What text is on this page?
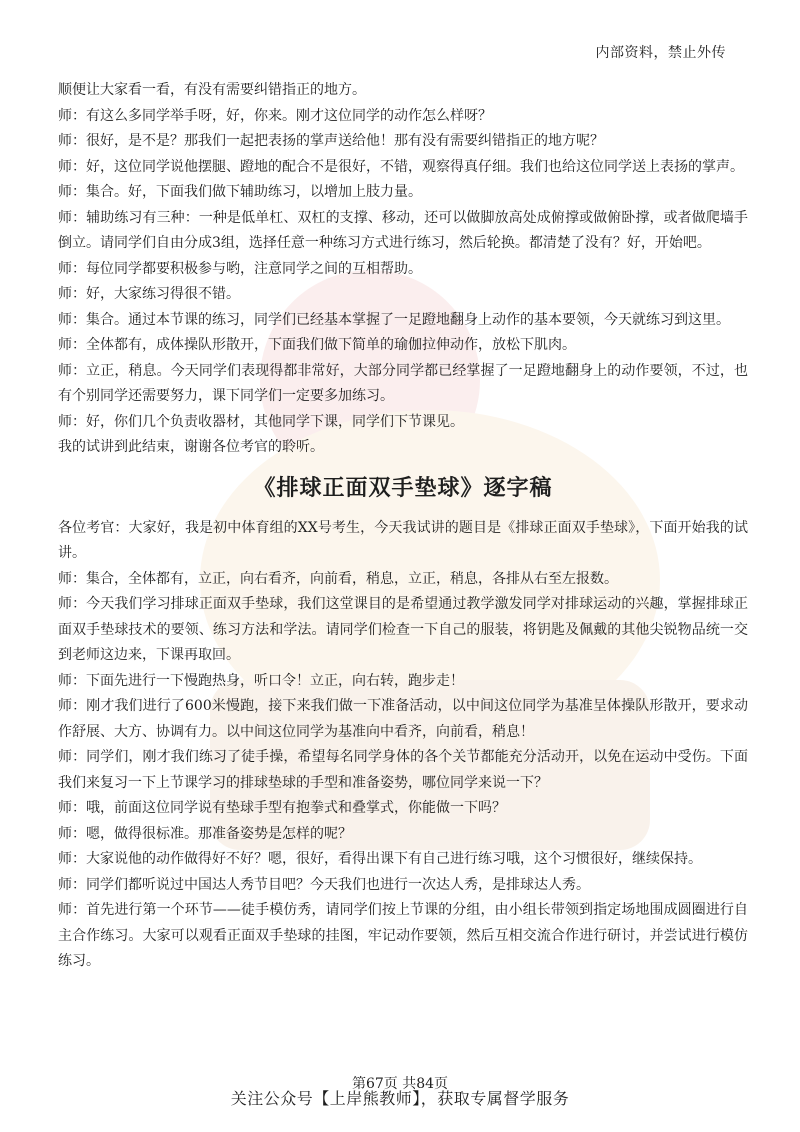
内部资料，禁止外传

顺便让大家看一看，有没有需要纠错指正的地方。

师：有这么多同学举手呀，好，你来。刚才这位同学的动作怎么样呀？

师：很好，是不是？那我们一起把表扬的掌声送给他！那有没有需要纠错指正的地方呢？

师：好，这位同学说他摆腿、蹬地的配合不是很好，不错，观察得真仔细。我们也给这位同学送上表扬的掌声。

师：集合。好，下面我们做下辅助练习，以增加上肢力量。

师：辅助练习有三种：一种是低单杠、双杠的支撑、移动，还可以做脚放高处成俯撑或做俯卧撑，或者做爬墙手倒立。请同学们自由分成3组，选择任意一种练习方式进行练习，然后轮换。都清楚了没有？好，开始吧。

师：每位同学都要积极参与哟，注意同学之间的互相帮助。

师：好，大家练习得很不错。

师：集合。通过本节课的练习，同学们已经基本掌握了一足蹬地翻身上动作的基本要领，今天就练习到这里。

师：全体都有，成体操队形散开，下面我们做下简单的瑜伽拉伸动作，放松下肌肉。

师：立正，稍息。今天同学们表现得都非常好，大部分同学都已经掌握了一足蹬地翻身上的动作要领，不过，也有个别同学还需要努力，课下同学们一定要多加练习。

师：好，你们几个负责收器材，其他同学下课，同学们下节课见。

我的试讲到此结束，谢谢各位考官的聆听。

《排球正面双手垫球》逐字稿

各位考官：大家好，我是初中体育组的XX号考生，今天我试讲的题目是《排球正面双手垫球》，下面开始我的试讲。

师：集合，全体都有，立正，向右看齐，向前看，稍息，立正，稍息，各排从右至左报数。

师：今天我们学习排球正面双手垫球，我们这堂课目的是希望通过教学激发同学对排球运动的兴趣，掌握排球正面双手垫球技术的要领、练习方法和学法。请同学们检查一下自己的服装，将钥匙及佩戴的其他尖锐物品统一交到老师这边来，下课再取回。

师：下面先进行一下慢跑热身，听口令！立正，向右转，跑步走！

师：刚才我们进行了600米慢跑，接下来我们做一下准备活动，以中间这位同学为基准呈体操队形散开，要求动作舒展、大方、协调有力。以中间这位同学为基准向中看齐，向前看，稍息！

师：同学们，刚才我们练习了徒手操，希望每名同学身体的各个关节都能充分活动开，以免在运动中受伤。下面我们来复习一下上节课学习的排球垫球的手型和准备姿势，哪位同学来说一下？

师：哦，前面这位同学说有垫球手型有抱拳式和叠掌式，你能做一下吗？

师：嗯，做得很标准。那准备姿势是怎样的呢？

师：大家说他的动作做得好不好？嗯，很好，看得出课下有自己进行练习哦，这个习惯很好，继续保持。

师：同学们都听说过中国达人秀节目吧？今天我们也进行一次达人秀，是排球达人秀。

师：首先进行第一个环节——徒手模仿秀，请同学们按上节课的分组，由小组长带领到指定场地围成圆圈进行自主合作练习。大家可以观看正面双手垫球的挂图，牢记动作要领，然后互相交流合作进行研讨，并尝试进行模仿练习。

第67页 共84页
关注公众号【上岸熊教师】，获取专属督学服务
